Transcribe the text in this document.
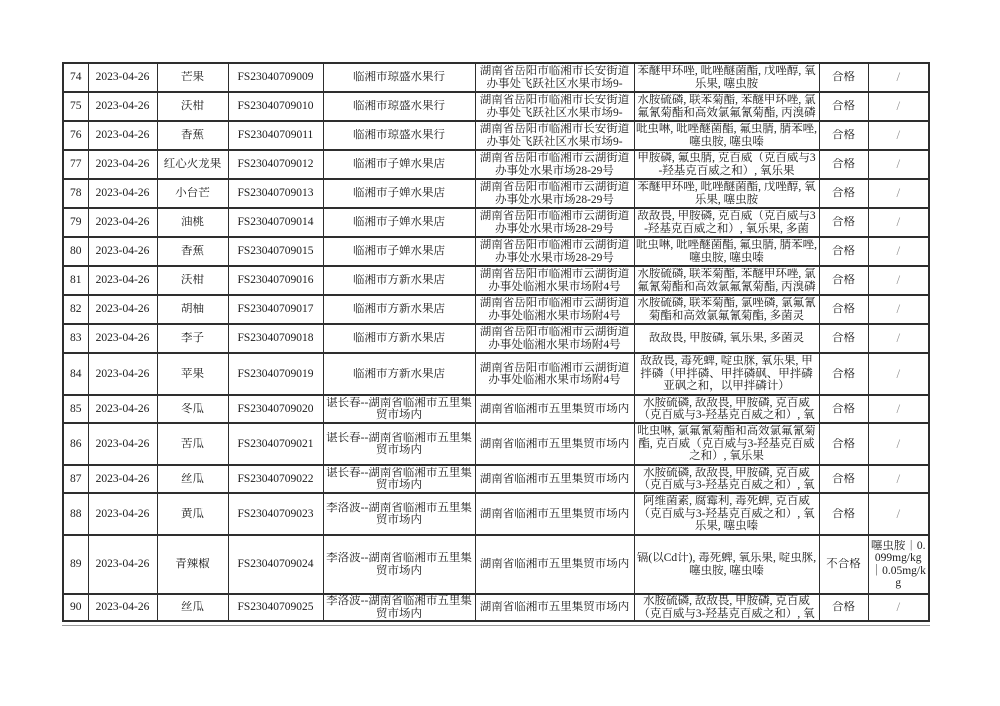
74	2023-04-26	芒果	FS23040709009	临湘市琼盛水果行	湖南省岳阳市临湘市长安街道办事处飞跃社区水果市场9-	苯醚甲环唑, 吡唑醚菌酯, 戊唑醇, 氧乐果, 噻虫胺	合格	/

75	2023-04-26	沃柑	FS23040709010	临湘市琼盛水果行	湖南省岳阳市临湘市长安街道办事处飞跃社区水果市场9-	水胺硫磷, 联苯菊酯, 苯醚甲环唑, 氯氟氰菊酯和高效氯氟氰菊酯, 丙溴磷	合格	/

76	2023-04-26	香蕉	FS23040709011	临湘市琼盛水果行	湖南省岳阳市临湘市长安街道办事处飞跃社区水果市场9-	吡虫啉, 吡唑醚菌酯, 氟虫腈, 腈苯唑, 噻虫胺, 噻虫嗪	合格	/

77	2023-04-26	红心火龙果	FS23040709012	临湘市子婵水果店	湖南省岳阳市临湘市云湖街道办事处水果市场28-29号	甲胺磷, 氟虫腈, 克百威（克百威与3-羟基克百威之和）, 氧乐果	合格	/

78	2023-04-26	小台芒	FS23040709013	临湘市子婵水果店	湖南省岳阳市临湘市云湖街道办事处水果市场28-29号	苯醚甲环唑, 吡唑醚菌酯, 戊唑醇, 氧乐果, 噻虫胺	合格	/

79	2023-04-26	油桃	FS23040709014	临湘市子婵水果店	湖南省岳阳市临湘市云湖街道办事处水果市场28-29号	敌敌畏, 甲胺磷, 克百威（克百威与3-羟基克百威之和）, 氧乐果, 多菌	合格	/

80	2023-04-26	香蕉	FS23040709015	临湘市子婵水果店	湖南省岳阳市临湘市云湖街道办事处水果市场28-29号	吡虫啉, 吡唑醚菌酯, 氟虫腈, 腈苯唑, 噻虫胺, 噻虫嗪	合格	/

81	2023-04-26	沃柑	FS23040709016	临湘市方新水果店	湖南省岳阳市临湘市云湖街道办事处临湘水果市场附4号	水胺硫磷, 联苯菊酯, 苯醚甲环唑, 氯氟氰菊酯和高效氯氟氰菊酯, 丙溴磷	合格	/

82	2023-04-26	胡柚	FS23040709017	临湘市方新水果店	湖南省岳阳市临湘市云湖街道办事处临湘水果市场附4号	水胺硫磷, 联苯菊酯, 氯唑磷, 氯氟氰菊酯和高效氯氟氰菊酯, 多菌灵	合格	/

83	2023-04-26	李子	FS23040709018	临湘市方新水果店	湖南省岳阳市临湘市云湖街道办事处临湘水果市场附4号	敌敌畏, 甲胺磷, 氧乐果, 多菌灵	合格	/

84	2023-04-26	苹果	FS23040709019	临湘市方新水果店	湖南省岳阳市临湘市云湖街道办事处临湘水果市场附4号	敌敌畏, 毒死蜱, 啶虫脒, 氧乐果, 甲拌磷（甲拌磷、甲拌磷砜、甲拌磷亚砜之和，以甲拌磷计）	合格	/

85	2023-04-26	冬瓜	FS23040709020	谌长春--湖南省临湘市五里集贸市场内	湖南省临湘市五里集贸市场内	水胺硫磷, 敌敌畏, 甲胺磷, 克百威（克百威与3-羟基克百威之和）, 氧	合格	/

86	2023-04-26	苦瓜	FS23040709021	谌长春--湖南省临湘市五里集贸市场内	湖南省临湘市五里集贸市场内	吡虫啉, 氯氟氰菊酯和高效氯氟氰菊酯, 克百威（克百威与3-羟基克百威之和）, 氧乐果	合格	/

87	2023-04-26	丝瓜	FS23040709022	谌长春--湖南省临湘市五里集贸市场内	湖南省临湘市五里集贸市场内	水胺硫磷, 敌敌畏, 甲胺磷, 克百威（克百威与3-羟基克百威之和）, 氧	合格	/

88	2023-04-26	黄瓜	FS23040709023	李洛波--湖南省临湘市五里集贸市场内	湖南省临湘市五里集贸市场内	阿维菌素, 腐霉利, 毒死蜱, 克百威（克百威与3-羟基克百威之和）, 氧乐果, 噻虫嗪	合格	/

89	2023-04-26	青辣椒	FS23040709024	李洛波--湖南省临湘市五里集贸市场内	湖南省临湘市五里集贸市场内	镉(以Cd计), 毒死蜱, 氧乐果, 啶虫脒, 噻虫胺, 噻虫嗪	不合格	噻虫胺｜0.099mg/kg｜0.05mg/kg

90	2023-04-26	丝瓜	FS23040709025	李洛波--湖南省临湘市五里集贸市场内	湖南省临湘市五里集贸市场内	水胺硫磷, 敌敌畏, 甲胺磷, 克百威（克百威与3-羟基克百威之和）, 氧	合格	/
